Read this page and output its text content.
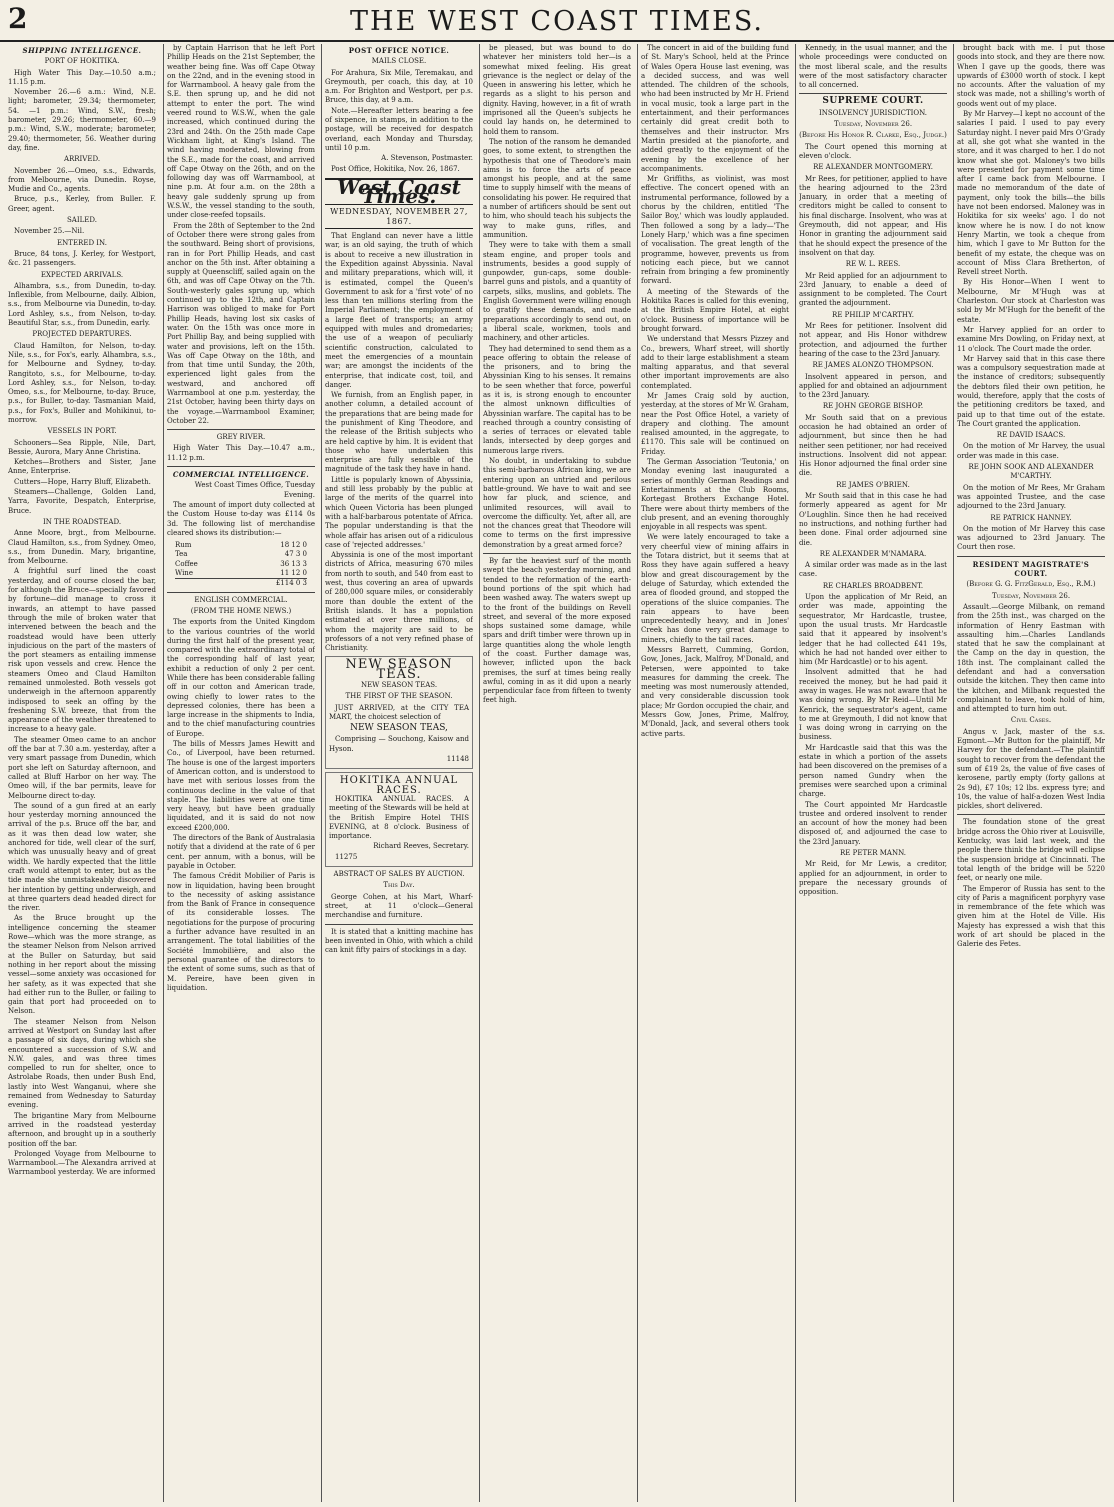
2	THE WEST COAST TIMES.

SHIPPING INTELLIGENCE.

PORT OF HOKITIKA.

High Water This Day.—10.50 a.m.; 11.15 p.m.

November 26.—6 a.m.: Wind, N.E. light; barometer, 29.34; thermometer, 54. —1 p.m.: Wind, S.W., fresh; barometer, 29.26; thermometer, 60.—9 p.m.: Wind, S.W., moderate; barometer, 29.40; thermometer, 56. Weather during day, fine.

ARRIVED.

November 26.—Omeo, s.s., Edwards, from Melbourne, via Dunedin. Royse, Mudie and Co., agents.

Bruce, p.s., Kerley, from Buller. F. Greer, agent.

SAILED.

November 25.—Nil.

ENTERED IN.

Bruce, 84 tons, J. Kerley, for Westport, &c. 21 passengers.

EXPECTED ARRIVALS.

Alhambra, s.s., from Dunedin, to-day. Inflexible, from Melbourne, daily. Albion, s.s., from Melbourne via Dunedin, to-day. Lord Ashley, s.s., from Nelson, to-day. Beautiful Star, s.s., from Dunedin, early.

PROJECTED DEPARTURES.

Claud Hamilton, for Nelson, to-day. Nile, s.s., for Fox's, early. Alhambra, s.s., for Melbourne and Sydney, to-day. Rangitoto, s.s., for Melbourne, to-day. Lord Ashley, s.s., for Nelson, to-day. Omeo, s.s., for Melbourne, to-day. Bruce, p.s., for Buller, to-day. Tasmanian Maid, p.s., for Fox's, Buller and Mohikinui, to-morrow.

VESSELS IN PORT.

Schooners—Sea Ripple, Nile, Dart, Bessie, Aurora, Mary Anne Christina.

Ketches—Brothers and Sister, Jane Anne, Enterprise.

Cutters—Hope, Harry Bluff, Elizabeth.

Steamers—Challenge, Golden Land, Yarra, Favorite, Despatch, Enterprise, Bruce.

IN THE ROADSTEAD.

Anne Moore, brgt., from Melbourne. Claud Hamilton, s.s., from Sydney. Omeo, s.s., from Dunedin. Mary, brigantine, from Melbourne.

A frightful surf lined the coast yesterday, and of course closed the bar, for although the Bruce—specially favored by fortune—did manage to cross it inwards, an attempt to have passed through the mile of broken water that intervened between the beach and the roadstead would have been utterly injudicious on the part of the masters of the port steamers as entailing immense risk upon vessels and crew. Hence the steamers Omeo and Claud Hamilton remained unmolested. Both vessels got underweigh in the afternoon apparently indisposed to seek an offing by the freshening S.W. breeze, that from the appearance of the weather threatened to increase to a heavy gale.

The steamer Omeo came to an anchor off the bar at 7.30 a.m. yesterday, after a very smart passage from Dunedin, which port she left on Saturday afternoon, and called at Bluff Harbor on her way. The Omeo will, if the bar permits, leave for Melbourne direct to-day.

The sound of a gun fired at an early hour yesterday morning announced the arrival of the p.s. Bruce off the bar, and as it was then dead low water, she anchored for tide, well clear of the surf, which was unusually heavy and of great width. We hardly expected that the little craft would attempt to enter, but as the tide made she unmistakeably discovered her intention by getting underweigh, and at three quarters dead headed direct for the river.

As the Bruce brought up the intelligence concerning the steamer Rowe—which was the more strange, as the steamer Nelson from Nelson arrived at the Buller on Saturday, but said nothing in her report about the missing vessel—some anxiety was occasioned for her safety, as it was expected that she had either run to the Buller, or failing to gain that port had proceeded on to Nelson.

The steamer Nelson from Nelson arrived at Westport on Sunday last after a passage of six days, during which she encountered a succession of S.W. and N.W. gales, and was three times compelled to run for shelter, once to Astrolabe Roads, then under Bush End, lastly into West Wanganui, where she remained from Wednesday to Saturday evening.

The brigantine Mary from Melbourne arrived in the roadstead yesterday afternoon, and brought up in a southerly position off the bar.

Prolonged Voyage from Melbourne to Warrnambool.—The Alexandra arrived at Warrnambool yesterday. We are informed

by Captain Harrison that he left Port Phillip Heads on the 21st September, the weather being fine. Was off Cape Otway on the 22nd, and in the evening stood in for Warrnambool. A heavy gale from the S.E. then sprung up, and he did not attempt to enter the port. The wind veered round to W.S.W., when the gale increased, which continued during the 23rd and 24th. On the 25th made Cape Wickham light, at King's Island. The wind having moderated, blowing from the S.E., made for the coast, and arrived off Cape Otway on the 26th, and on the following day was off Warrnambool, at nine p.m. At four a.m. on the 28th a heavy gale suddenly sprung up from W.S.W., the vessel standing to the south, under close-reefed topsails.

From the 28th of September to the 2nd of October there were strong gales from the southward. Being short of provisions, ran in for Port Phillip Heads, and cast anchor on the 5th inst. After obtaining a supply at Queenscliff, sailed again on the 6th, and was off Cape Otway on the 7th. South-westerly gales sprung up, which continued up to the 12th, and Captain Harrison was obliged to make for Port Phillip Heads, having lost six casks of water. On the 15th was once more in Port Phillip Bay, and being supplied with water and provisions, left on the 15th. Was off Cape Otway on the 18th, and from that time until Sunday, the 20th, experienced light gales from the westward, and anchored off Warrnambool at one p.m. yesterday, the 21st October, having been thirty days on the voyage.—Warrnambool Examiner, October 22.

GREY RIVER.

High Water This Day.—10.47 a.m., 11.12 p.m.

COMMERCIAL INTELLIGENCE.

West Coast Times Office, Tuesday Evening.

The amount of import duty collected at the Custom House to-day was £114 0s 3d. The following list of merchandise cleared shows its distribution:—

Rum	18 12 0
Tea	47 3 0
Coffee	36 13 3
Wine	11 12 0
£114 0 3

ENGLISH COMMERCIAL.

(FROM THE HOME NEWS.)

The exports from the United Kingdom to the various countries of the world during the first half of the present year, compared with the extraordinary total of the corresponding half of last year, exhibit a reduction of only 2 per cent. While there has been considerable falling off in our cotton and American trade, owing chiefly to lower rates to the depressed colonies, there has been a large increase in the shipments to India, and to the chief manufacturing countries of Europe.

The bills of Messrs James Hewitt and Co., of Liverpool, have been returned. The house is one of the largest importers of American cotton, and is understood to have met with serious losses from the continuous decline in the value of that staple. The liabilities were at one time very heavy, but have been gradually liquidated, and it is said do not now exceed £200,000.

The directors of the Bank of Australasia notify that a dividend at the rate of 6 per cent. per annum, with a bonus, will be payable in October.

The famous Crédit Mobilier of Paris is now in liquidation, having been brought to the necessity of asking assistance from the Bank of France in consequence of its considerable losses. The negotiations for the purpose of procuring a further advance have resulted in an arrangement. The total liabilities of the Société Immobilière, and also the personal guarantee of the directors to the extent of some sums, such as that of M. Pereire, have been given in liquidation.

POST OFFICE NOTICE.

MAILS CLOSE.

For Arahura, Six Mile, Teremakau, and Greymouth, per coach, this day, at 10 a.m. For Brighton and Westport, per p.s. Bruce, this day, at 9 a.m.

Note.—Hereafter letters bearing a fee of sixpence, in stamps, in addition to the postage, will be received for despatch overland, each Monday and Thursday, until 10 p.m.

A. Stevenson, Postmaster.

Post Office, Hokitika, Nov. 26, 1867.

West Coast Times.
WEDNESDAY, NOVEMBER 27, 1867.

That England can never have a little war, is an old saying, the truth of which is about to receive a new illustration in the Expedition against Abyssinia. Naval and military preparations, which will, it is estimated, compel the Queen's Government to ask for a 'first vote' of no less than ten millions sterling from the Imperial Parliament; the employment of a large fleet of transports; an army equipped with mules and dromedaries; the use of a weapon of peculiarly scientific construction, calculated to meet the emergencies of a mountain war; are amongst the incidents of the enterprise, that indicate cost, toil, and danger.

We furnish, from an English paper, in another column, a detailed account of the preparations that are being made for the punishment of King Theodore, and the release of the British subjects who are held captive by him. It is evident that those who have undertaken this enterprise are fully sensible of the magnitude of the task they have in hand.

Little is popularly known of Abyssinia, and still less probably by the public at large of the merits of the quarrel into which Queen Victoria has been plunged with a half-barbarous potentate of Africa. The popular understanding is that the whole affair has arisen out of a ridiculous case of 'rejected addresses.'

Abyssinia is one of the most important districts of Africa, measuring 670 miles from north to south, and 540 from east to west, thus covering an area of upwards of 280,000 square miles, or considerably more than double the extent of the British islands. It has a population estimated at over three millions, of whom the majority are said to be professors of a not very refined phase of Christianity.

NEW SEASON TEAS.

NEW SEASON TEAS.

THE FIRST OF THE SEASON.

JUST ARRIVED, at the CITY TEA MART, the choicest selection of

NEW SEASON TEAS,

Comprising — Souchong, Kaisow and Hyson.

11148

HOKITIKA ANNUAL RACES.

HOKITIKA ANNUAL RACES. A meeting of the Stewards will be held at the British Empire Hotel THIS EVENING, at 8 o'clock. Business of importance.

Richard Reeves, Secretary.

11275

ABSTRACT OF SALES BY AUCTION.

This Day.

George Cohen, at his Mart, Wharf-street, at 11 o'clock—General merchandise and furniture.

It is stated that a knitting machine has been invented in Ohio, with which a child can knit fifty pairs of stockings in a day.

be pleased, but was bound to do whatever her ministers told her—is a somewhat mixed feeling. His great grievance is the neglect or delay of the Queen in answering his letter, which he regards as a slight to his person and dignity. Having, however, in a fit of wrath imprisoned all the Queen's subjects he could lay hands on, he determined to hold them to ransom.

The notion of the ransom he demanded goes, to some extent, to strengthen the hypothesis that one of Theodore's main aims is to force the arts of peace amongst his people, and at the same time to supply himself with the means of consolidating his power. He required that a number of artificers should be sent out to him, who should teach his subjects the way to make guns, rifles, and ammunition.

They were to take with them a small steam engine, and proper tools and instruments, besides a good supply of gunpowder, gun-caps, some double-barrel guns and pistols, and a quantity of carpets, silks, muslins, and goblets. The English Government were willing enough to gratify these demands, and made preparations accordingly to send out, on a liberal scale, workmen, tools and machinery, and other articles.

They had determined to send them as a peace offering to obtain the release of the prisoners, and to bring the Abyssinian King to his senses. It remains to be seen whether that force, powerful as it is, is strong enough to encounter the almost unknown difficulties of Abyssinian warfare. The capital has to be reached through a country consisting of a series of terraces or elevated table lands, intersected by deep gorges and numerous large rivers.

No doubt, in undertaking to subdue this semi-barbarous African king, we are entering upon an untried and perilous battle-ground. We have to wait and see how far pluck, and science, and unlimited resources, will avail to overcome the difficulty. Yet, after all, are not the chances great that Theodore will come to terms on the first impressive demonstration by a great armed force?

By far the heaviest surf of the month swept the beach yesterday morning, and tended to the reformation of the earth-bound portions of the spit which had been washed away. The waters swept up to the front of the buildings on Revell street, and several of the more exposed shops sustained some damage, while spars and drift timber were thrown up in large quantities along the whole length of the coast. Further damage was, however, inflicted upon the back premises, the surf at times being really awful, coming in as it did upon a nearly perpendicular face from fifteen to twenty feet high.

The concert in aid of the building fund of St. Mary's School, held at the Prince of Wales Opera House last evening, was a decided success, and was well attended. The children of the schools, who had been instructed by Mr H. Friend in vocal music, took a large part in the entertainment, and their performances certainly did great credit both to themselves and their instructor. Mrs Martin presided at the pianoforte, and added greatly to the enjoyment of the evening by the excellence of her accompaniments.

Mr Griffiths, as violinist, was most effective. The concert opened with an instrumental performance, followed by a chorus by the children, entitled 'The Sailor Boy,' which was loudly applauded. Then followed a song by a lady—'The Lonely Harp,' which was a fine specimen of vocalisation. The great length of the programme, however, prevents us from noticing each piece, but we cannot refrain from bringing a few prominently forward.

A meeting of the Stewards of the Hokitika Races is called for this evening, at the British Empire Hotel, at eight o'clock. Business of importance will be brought forward.

We understand that Messrs Pizzey and Co., brewers, Wharf street, will shortly add to their large establishment a steam malting apparatus, and that several other important improvements are also contemplated.

Mr James Craig sold by auction, yesterday, at the stores of Mr W. Graham, near the Post Office Hotel, a variety of drapery and clothing. The amount realised amounted, in the aggregate, to £1170. This sale will be continued on Friday.

The German Association 'Teutonia,' on Monday evening last inaugurated a series of monthly German Readings and Entertainments at the Club Rooms, Kortegast Brothers Exchange Hotel. There were about thirty members of the club present, and an evening thoroughly enjoyable in all respects was spent.

We were lately encouraged to take a very cheerful view of mining affairs in the Totara district, but it seems that at Ross they have again suffered a heavy blow and great discouragement by the deluge of Saturday, which extended the area of flooded ground, and stopped the operations of the sluice companies. The rain appears to have been unprecedentedly heavy, and in Jones' Creek has done very great damage to miners, chiefly to the tail races.

Messrs Barrett, Cumming, Gordon, Gow, Jones, Jack, Malfroy, M'Donald, and Petersen, were appointed to take measures for damming the creek. The meeting was most numerously attended, and very considerable discussion took place; Mr Gordon occupied the chair, and Messrs Gow, Jones, Prime, Malfroy, M'Donald, Jack, and several others took active parts.

Kennedy, in the usual manner, and the whole proceedings were conducted on the most liberal scale, and the results were of the most satisfactory character to all concerned.

SUPREME COURT.

INSOLVENCY JURISDICTION.

Tuesday, November 26.

(Before His Honor R. Clarke, Esq., Judge.)

The Court opened this morning at eleven o'clock.

RE ALEXANDER MONTGOMERY.

Mr Rees, for petitioner, applied to have the hearing adjourned to the 23rd January, in order that a meeting of creditors might be called to consent to his final discharge. Insolvent, who was at Greymouth, did not appear, and His Honor in granting the adjournment said that he should expect the presence of the insolvent on that day.

RE W. L. REES.

Mr Reid applied for an adjournment to 23rd January, to enable a deed of assignment to be completed. The Court granted the adjournment.

RE PHILIP M'CARTHY.

Mr Rees for petitioner. Insolvent did not appear, and His Honor withdrew protection, and adjourned the further hearing of the case to the 23rd January.

RE JAMES ALONZO THOMPSON.

Insolvent appeared in person, and applied for and obtained an adjournment to the 23rd January.

RE JOHN GEORGE BISHOP.

Mr South said that on a previous occasion he had obtained an order of adjournment, but since then he had neither seen petitioner, nor had received instructions. Insolvent did not appear. His Honor adjourned the final order sine die.

RE JAMES O'BRIEN.

Mr South said that in this case he had formerly appeared as agent for Mr O'Loughlin. Since then he had received no instructions, and nothing further had been done. Final order adjourned sine die.

RE ALEXANDER M'NAMARA.

A similar order was made as in the last case.

RE CHARLES BROADBENT.

Upon the application of Mr Reid, an order was made, appointing the sequestrator, Mr Hardcastle, trustee, upon the usual trusts. Mr Hardcastle said that it appeared by insolvent's ledger that he had collected £41 19s, which he had not handed over either to him (Mr Hardcastle) or to his agent.

Insolvent admitted that he had received the money, but he had paid it away in wages. He was not aware that he was doing wrong. By Mr Reid—Until Mr Kenrick, the sequestrator's agent, came to me at Greymouth, I did not know that I was doing wrong in carrying on the business.

Mr Hardcastle said that this was the estate in which a portion of the assets had been discovered on the premises of a person named Gundry when the premises were searched upon a criminal charge.

The Court appointed Mr Hardcastle trustee and ordered insolvent to render an account of how the money had been disposed of, and adjourned the case to the 23rd January.

RE PETER MANN.

Mr Reid, for Mr Lewis, a creditor, applied for an adjournment, in order to prepare the necessary grounds of opposition.

brought back with me. I put those goods into stock, and they are there now. When I gave up the goods, there was upwards of £3000 worth of stock. I kept no accounts. After the valuation of my stock was made, not a shilling's worth of goods went out of my place.

By Mr Harvey—I kept no account of the salaries I paid. I used to pay every Saturday night. I never paid Mrs O'Grady at all, she got what she wanted in the store, and it was charged to her. I do not know what she got. Maloney's two bills were presented for payment some time after I came back from Melbourne. I made no memorandum of the date of payment, only took the bills—the bills have not been endorsed. Maloney was in Hokitika for six weeks' ago. I do not know where he is now. I do not know Henry Martin, we took a cheque from him, which I gave to Mr Button for the benefit of my estate, the cheque was on account of Miss Clara Bretherton, of Revell street North.

By His Honor—When I went to Melbourne, Mr M'Hugh was at Charleston. Our stock at Charleston was sold by Mr M'Hugh for the benefit of the estate.

Mr Harvey applied for an order to examine Mrs Dowling, on Friday next, at 11 o'clock. The Court made the order.

Mr Harvey said that in this case there was a compulsory sequestration made at the instance of creditors; subsequently the debtors filed their own petition, he would, therefore, apply that the costs of the petitioning creditors be taxed, and paid up to that time out of the estate. The Court granted the application.

RE DAVID ISAACS.

On the motion of Mr Harvey, the usual order was made in this case.

RE JOHN SOOK AND ALEXANDER M'CARTHY.

On the motion of Mr Rees, Mr Graham was appointed Trustee, and the case adjourned to the 23rd January.

RE PATRICK HANNEY.

On the motion of Mr Harvey this case was adjourned to 23rd January. The Court then rose.

RESIDENT MAGISTRATE'S COURT.

(Before G. G. FitzGerald, Esq., R.M.)

Tuesday, November 26.

Assault.—George Milbank, on remand from the 25th inst., was charged on the information of Henry Eastman with assaulting him.—Charles Landlands stated that he saw the complainant at the Camp on the day in question, the 18th inst. The complainant called the defendant and had a conversation outside the kitchen. They then came into the kitchen, and Milbank requested the complainant to leave, took hold of him, and attempted to turn him out.

Civil Cases.

Angus v. Jack, master of the s.s. Egmont.—Mr Button for the plaintiff, Mr Harvey for the defendant.—The plaintiff sought to recover from the defendant the sum of £19 2s, the value of five cases of kerosene, partly empty (forty gallons at 2s 9d), £7 10s; 12 lbs. express tyre; and 10s, the value of half-a-dozen West India pickles, short delivered.

The foundation stone of the great bridge across the Ohio river at Louisville, Kentucky, was laid last week, and the people there think the bridge will eclipse the suspension bridge at Cincinnati. The total length of the bridge will be 5220 feet, or nearly one mile.

The Emperor of Russia has sent to the city of Paris a magnificent porphyry vase in remembrance of the fete which was given him at the Hotel de Ville. His Majesty has expressed a wish that this work of art should be placed in the Galerie des Fetes.
